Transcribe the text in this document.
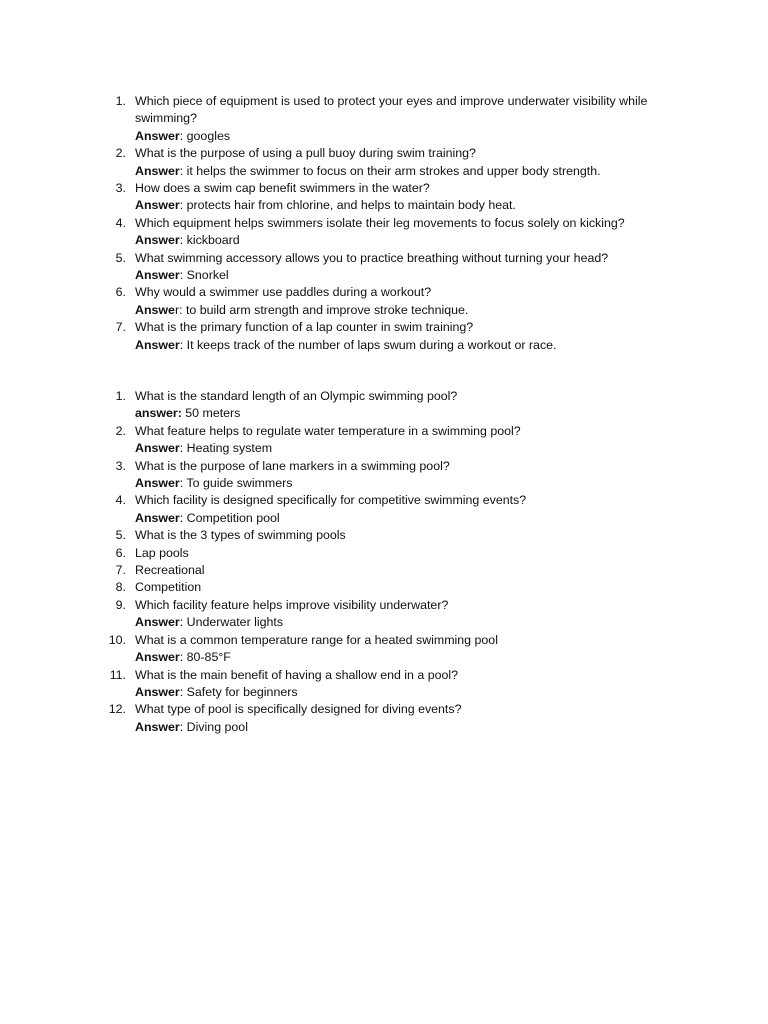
1. Which piece of equipment is used to protect your eyes and improve underwater visibility while swimming?
Answer: googles
2. What is the purpose of using a pull buoy during swim training?
Answer: it helps the swimmer to focus on their arm strokes and upper body strength.
3. How does a swim cap benefit swimmers in the water?
Answer: protects hair from chlorine, and helps to maintain body heat.
4. Which equipment helps swimmers isolate their leg movements to focus solely on kicking?
Answer: kickboard
5. What swimming accessory allows you to practice breathing without turning your head?
Answer: Snorkel
6. Why would a swimmer use paddles during a workout?
Answer: to build arm strength and improve stroke technique.
7. What is the primary function of a lap counter in swim training?
Answer: It keeps track of the number of laps swum during a workout or race.
1. What is the standard length of an Olympic swimming pool?
answer: 50 meters
2. What feature helps to regulate water temperature in a swimming pool?
Answer: Heating system
3. What is the purpose of lane markers in a swimming pool?
Answer: To guide swimmers
4. Which facility is designed specifically for competitive swimming events?
Answer: Competition pool
5. What is the 3 types of swimming pools
6. Lap pools
7. Recreational
8. Competition
9. Which facility feature helps improve visibility underwater?
Answer: Underwater lights
10. What is a common temperature range for a heated swimming pool
Answer: 80-85°F
11. What is the main benefit of having a shallow end in a pool?
Answer: Safety for beginners
12. What type of pool is specifically designed for diving events?
Answer: Diving pool
